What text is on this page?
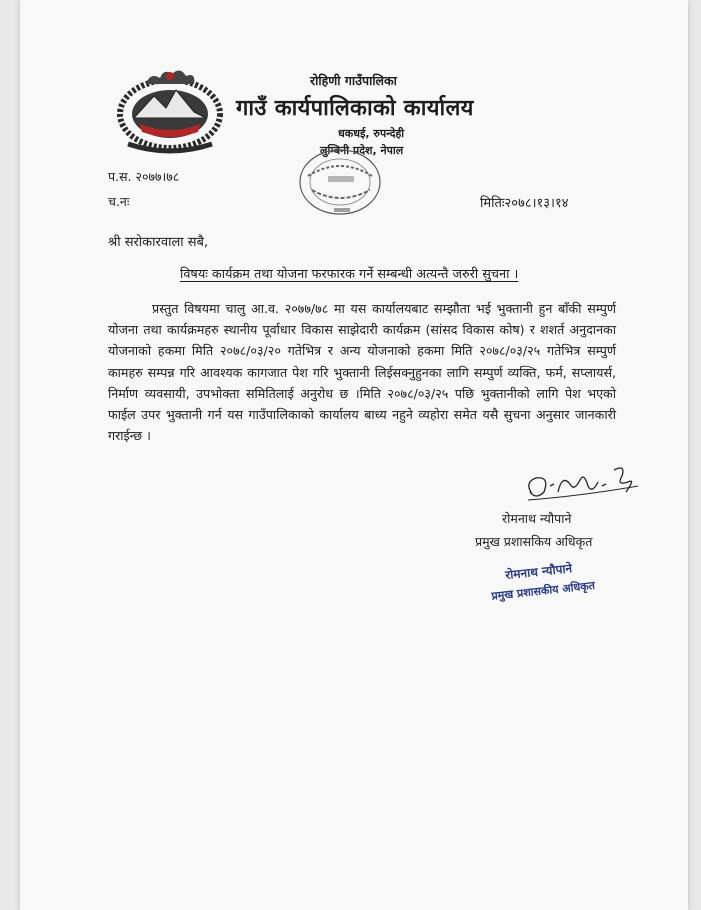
रोहिणी गाउँपालिका
गाउँ कार्यपालिकाको कार्यालय
धकधई, रुपन्देही
लुम्बिनी प्रदेश, नेपाल
प.स. २०७७।७८
च.नः	मितिः२०७८।१३।१४
श्री सरोकारवाला सबै,
विषयः कार्यक्रम तथा योजना फरफारक गर्ने सम्बन्धी अत्यन्तै जरुरी सुचना ।
प्रस्तुत विषयमा चालु आ.व. २०७७/७८ मा यस कार्यालयबाट सम्झौता भई भुक्तानी हुन बाँकी सम्पुर्ण योजना तथा कार्यक्रमहरु स्थानीय पूर्वाधार विकास साझेदारी कार्यक्रम (सांसद विकास कोष) र शशर्त अनुदानका योजनाको हकमा मिति २०७८/०३/२० गतेभित्र र अन्य योजनाको हकमा मिति २०७८/०३/२५ गतेभित्र सम्पुर्ण कामहरु सम्पन्न गरि आवश्यक कागजात पेश गरि भुक्तानी लिईसक्नुहुनका लागि सम्पुर्ण व्यक्ति, फर्म, सप्लायर्स, निर्माण व्यवसायी, उपभोक्ता समितिलाई अनुरोध छ ।मिति २०७८/०३/२५ पछि भुक्तानीको लागि पेश भएको फाईल उपर भुक्तानी गर्न यस गाउँपालिकाको कार्यालय बाध्य नहुने व्यहोरा समेत यसै सुचना अनुसार जानकारी गराईन्छ ।
रोमनाथ न्यौपाने
प्रमुख प्रशासकिय अधिकृत
रोमनाथ न्यौपाने
प्रमुख प्रशासकीय अधिकृत
